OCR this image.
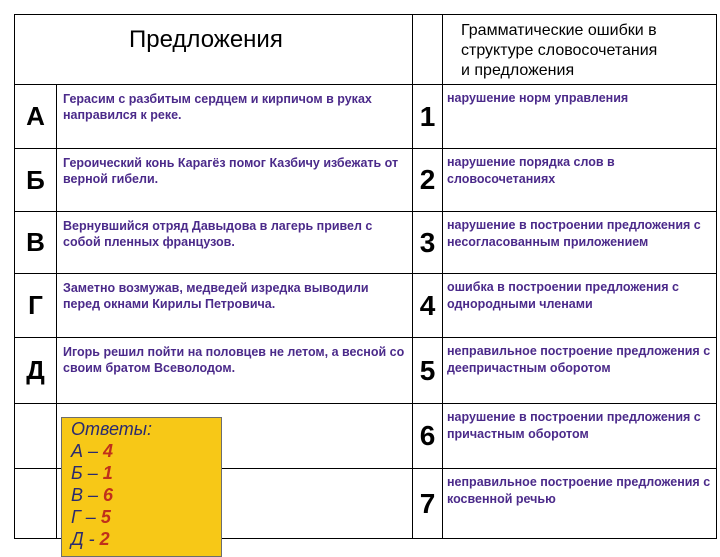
Предложения			Грамматические ошибки в
структуре словосочетания
и предложения
А	Герасим с разбитым сердцем и кирпичом в руках направился к реке.	1	нарушение норм управления
Б	Героический конь Карагёз помог Казбичу избежать от верной гибели.	2	нарушение порядка слов в словосочетаниях
В	Вернувшийся отряд Давыдова в лагерь привел с собой пленных французов.	3	нарушение в построении предложения с несогласованным приложением
Г	Заметно возмужав, медведей изредка выводили перед окнами Кирилы Петровича.	4	ошибка в построении предложения с однородными членами
Д	Игорь решил пойти на половцев не летом, а весной со своим братом Всеволодом.	5	неправильное построение предложения с деепричастным оборотом
		6	нарушение в построении предложения с причастным оборотом
		7	неправильное построение предложения с косвенной речью
Ответы:
А – 4
Б – 1
В – 6
Г – 5
Д - 2
